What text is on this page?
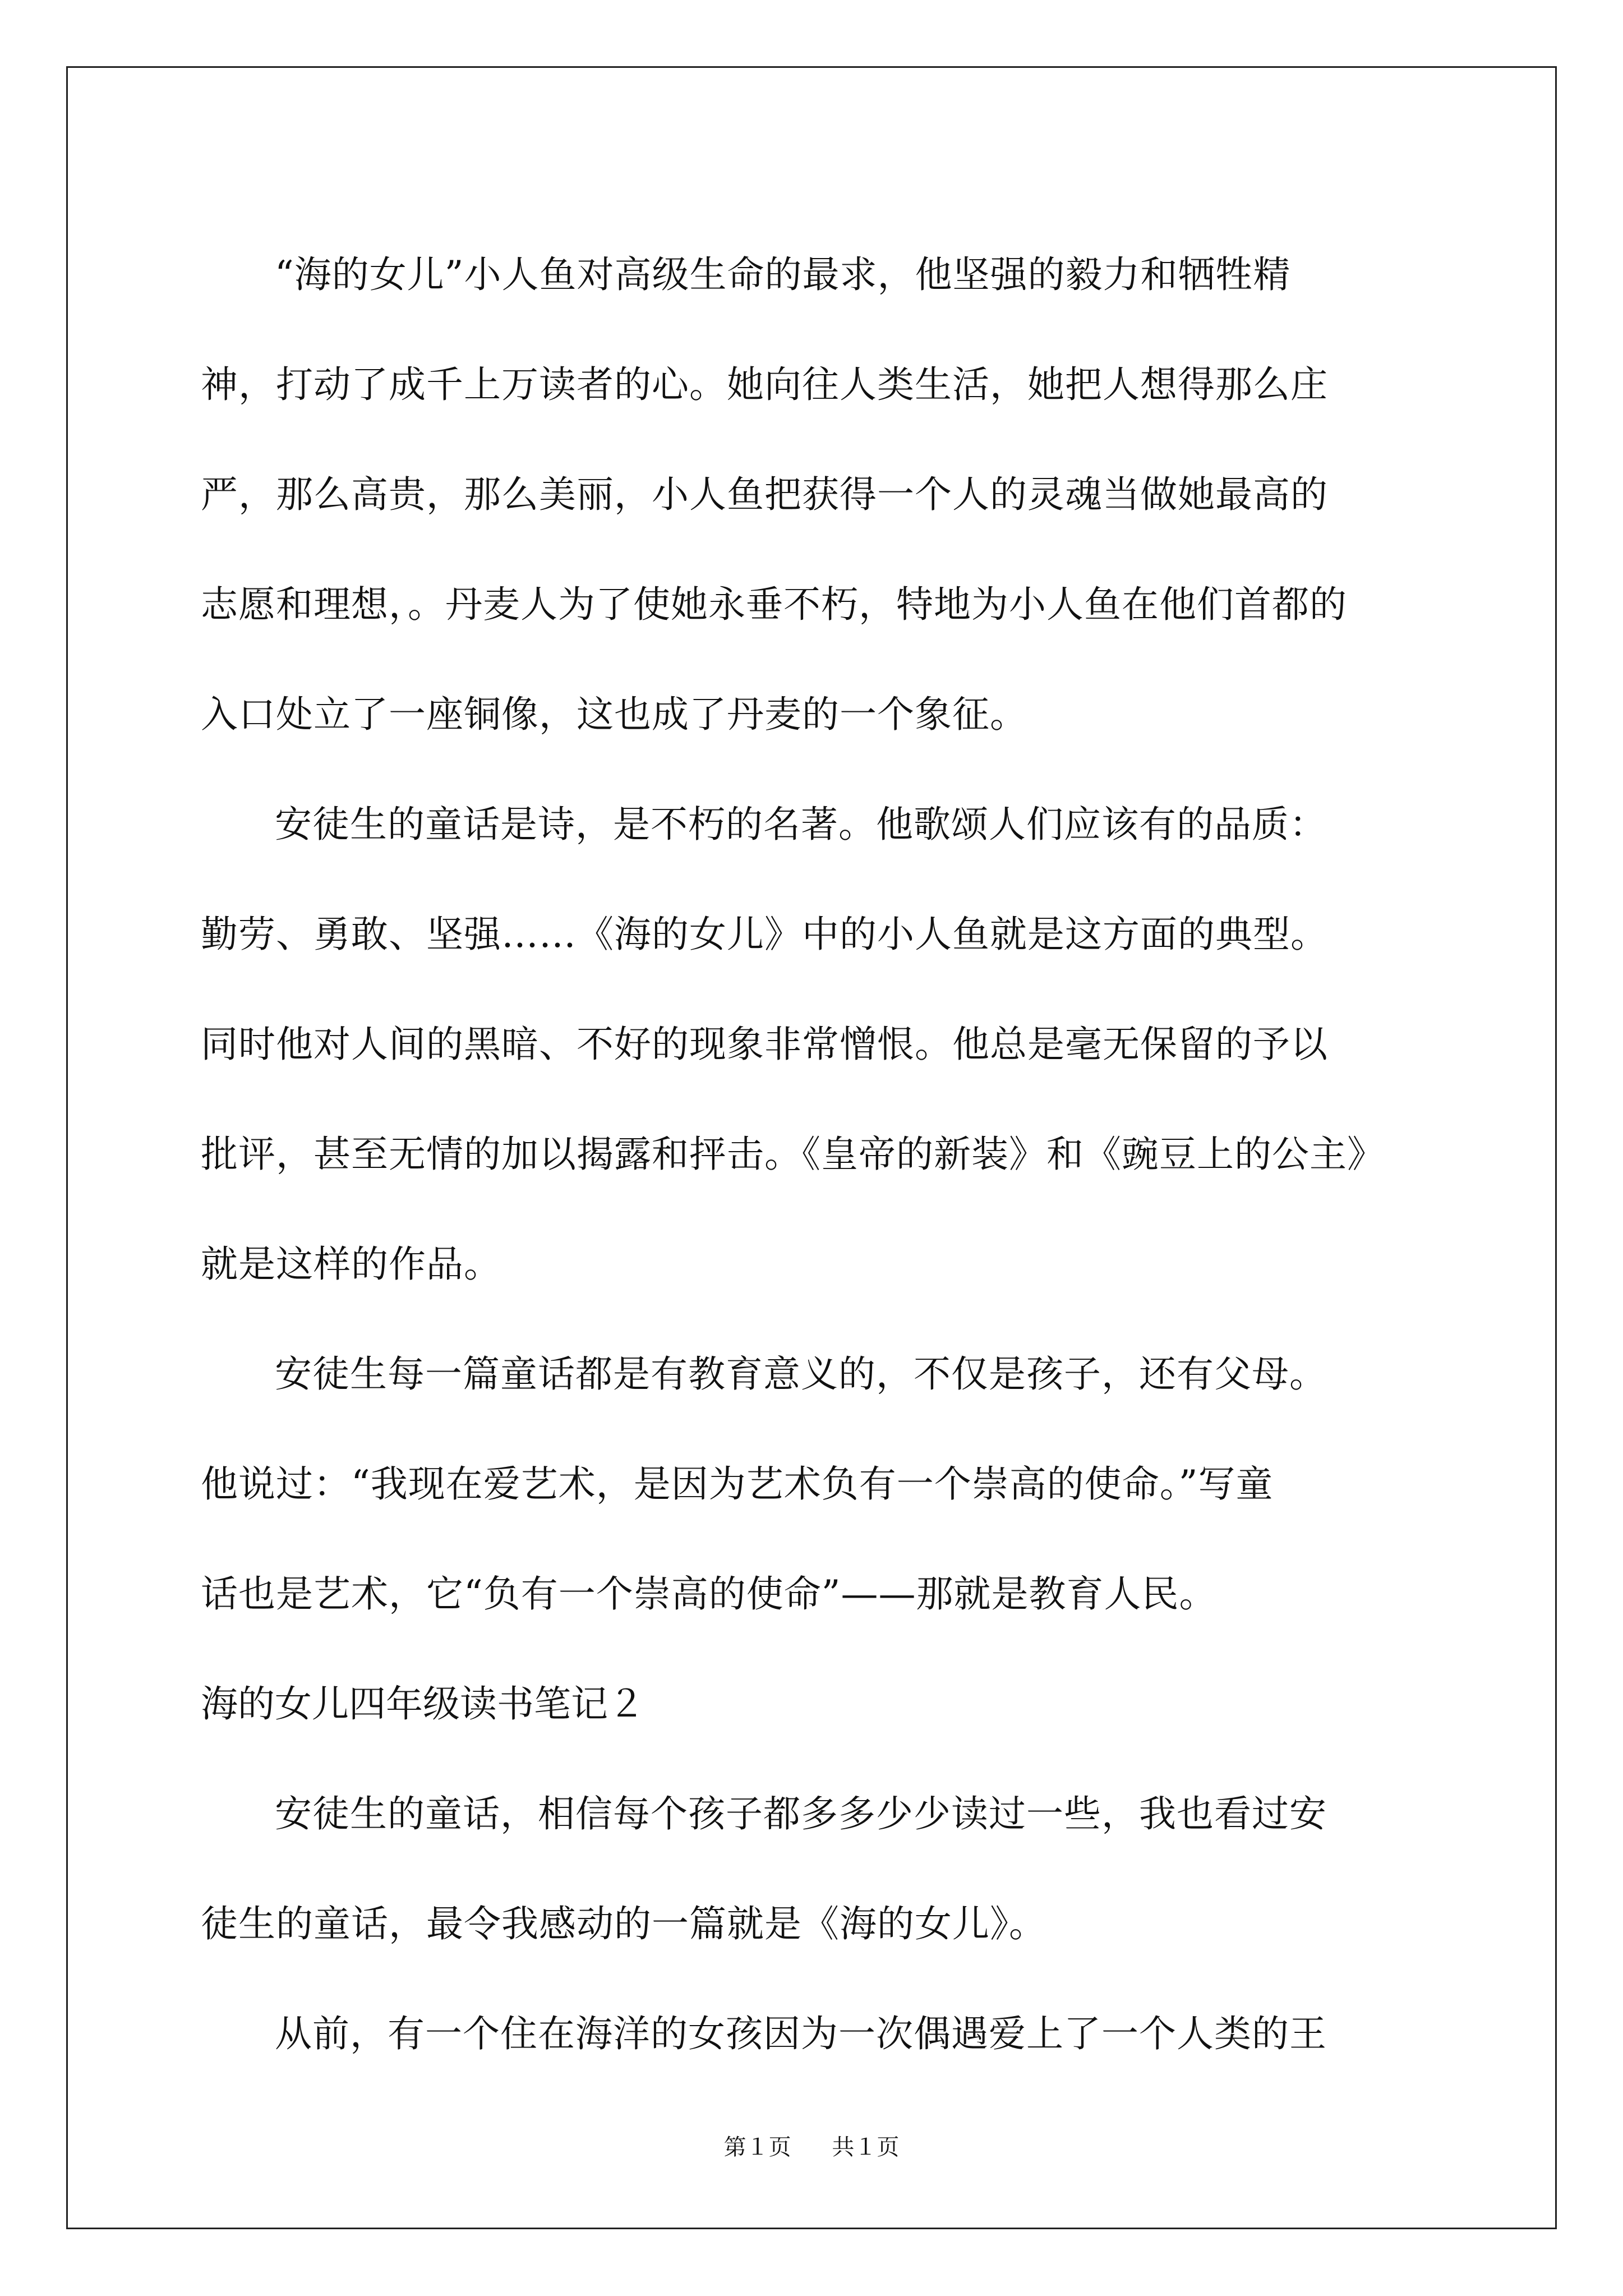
“海的女儿”小人鱼对高级生命的最求，他坚强的毅力和牺牲精
神，打动了成千上万读者的心。她向往人类生活，她把人想得那么庄
严，那么高贵，那么美丽，小人鱼把获得一个人的灵魂当做她最高的
志愿和理想，。丹麦人为了使她永垂不朽，特地为小人鱼在他们首都的
入口处立了一座铜像，这也成了丹麦的一个象征。
安徒生的童话是诗，是不朽的名著。他歌颂人们应该有的品质：
勤劳、勇敢、坚强……《海的女儿》中的小人鱼就是这方面的典型。
同时他对人间的黑暗、不好的现象非常憎恨。他总是毫无保留的予以
批评，甚至无情的加以揭露和抨击。《皇帝的新装》和《豌豆上的公主》
就是这样的作品。
安徒生每一篇童话都是有教育意义的，不仅是孩子，还有父母。
他说过：“我现在爱艺术，是因为艺术负有一个崇高的使命。”写童
话也是艺术，它“负有一个崇高的使命”——那就是教育人民。
海的女儿四年级读书笔记２
安徒生的童话，相信每个孩子都多多少少读过一些，我也看过安
徒生的童话，最令我感动的一篇就是《海的女儿》。
从前，有一个住在海洋的女孩因为一次偶遇爱上了一个人类的王
第１页 共１页
